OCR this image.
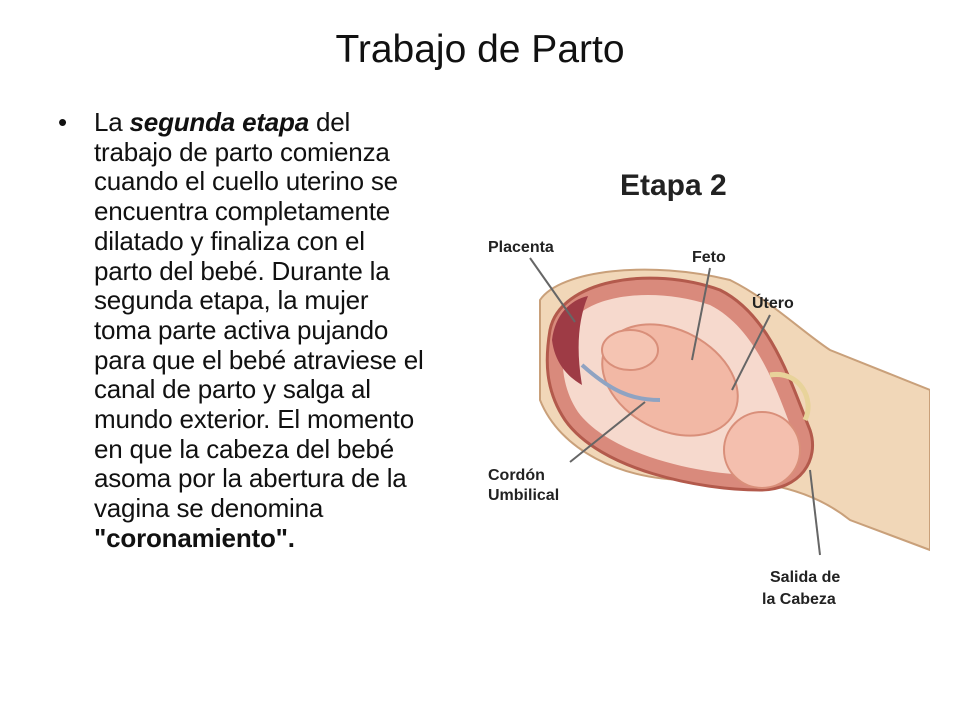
Trabajo de Parto
•	La segunda etapa del trabajo de parto comienza cuando el cuello uterino se encuentra completamente dilatado y finaliza con el parto del bebé. Durante la segunda etapa, la mujer toma parte activa pujando para que el bebé atraviese el canal de parto y salga al mundo exterior. El momento en que la cabeza del bebé asoma por la abertura de la vagina se denomina "coronamiento".
Etapa 2
Placenta
Feto
Útero
Cordón
Umbilical
Salida de
la Cabeza
